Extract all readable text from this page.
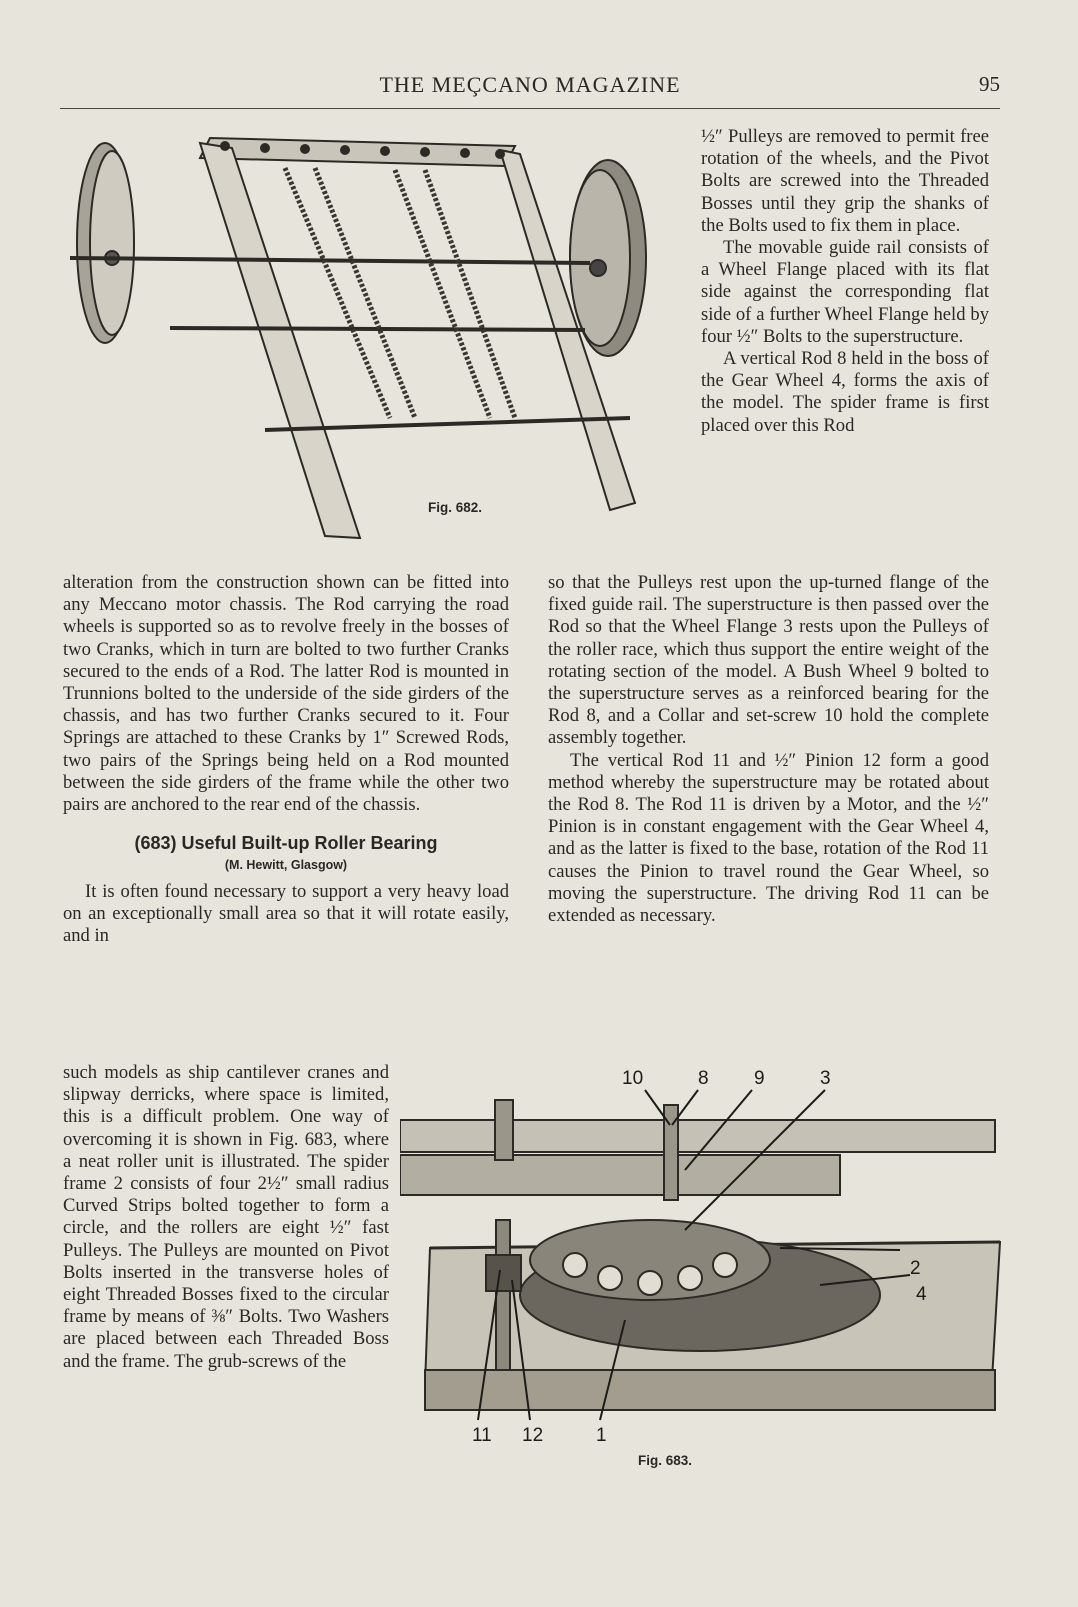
THE MEÇCANO MAGAZINE	95
Fig. 682.

½″ Pulleys are removed to permit free rotation of the wheels, and the Pivot Bolts are screwed into the Threaded Bosses until they grip the shanks of the Bolts used to fix them in place.

The movable guide rail consists of a Wheel Flange placed with its flat side against the corresponding flat side of a further Wheel Flange held by four ½″ Bolts to the superstructure.

A vertical Rod 8 held in the boss of the Gear Wheel 4, forms the axis of the model. The spider frame is first placed over this Rod

so that the Pulleys rest upon the up-turned flange of the fixed guide rail. The superstructure is then passed over the Rod so that the Wheel Flange 3 rests upon the Pulleys of the roller race, which thus support the entire weight of the rotating section of the model. A Bush Wheel 9 bolted to the superstructure serves as a reinforced bearing for the Rod 8, and a Collar and set-screw 10 hold the complete assembly together.

The vertical Rod 11 and ½″ Pinion 12 form a good method whereby the superstructure may be rotated about the Rod 8. The Rod 11 is driven by a Motor, and the ½″ Pinion is in constant engagement with the Gear Wheel 4, and as the latter is fixed to the base, rotation of the Rod 11 causes the Pinion to travel round the Gear Wheel, so moving the superstructure. The driving Rod 11 can be extended as necessary.

alteration from the construction shown can be fitted into any Meccano motor chassis. The Rod carrying the road wheels is supported so as to revolve freely in the bosses of two Cranks, which in turn are bolted to two further Cranks secured to the ends of a Rod. The latter Rod is mounted in Trunnions bolted to the underside of the side girders of the chassis, and has two further Cranks secured to it. Four Springs are attached to these Cranks by 1″ Screwed Rods, two pairs of the Springs being held on a Rod mounted between the side girders of the frame while the other two pairs are anchored to the rear end of the chassis.

(683) Useful Built-up Roller Bearing

(M. Hewitt, Glasgow)

It is often found necessary to support a very heavy load on an exceptionally small area so that it will rotate easily, and in

such models as ship cantilever cranes and slipway derricks, where space is limited, this is a difficult problem. One way of overcoming it is shown in Fig. 683, where a neat roller unit is illustrated. The spider frame 2 consists of four 2½″ small radius Curved Strips bolted together to form a circle, and the rollers are eight ½″ fast Pulleys. The Pulleys are mounted on Pivot Bolts inserted in the transverse holes of eight Threaded Bosses fixed to the circular frame by means of ⅜″ Bolts. Two Washers are placed between each Threaded Boss and the frame. The grub-screws of the

10	8 9	3
2
4
11 12	1
Fig. 683.
